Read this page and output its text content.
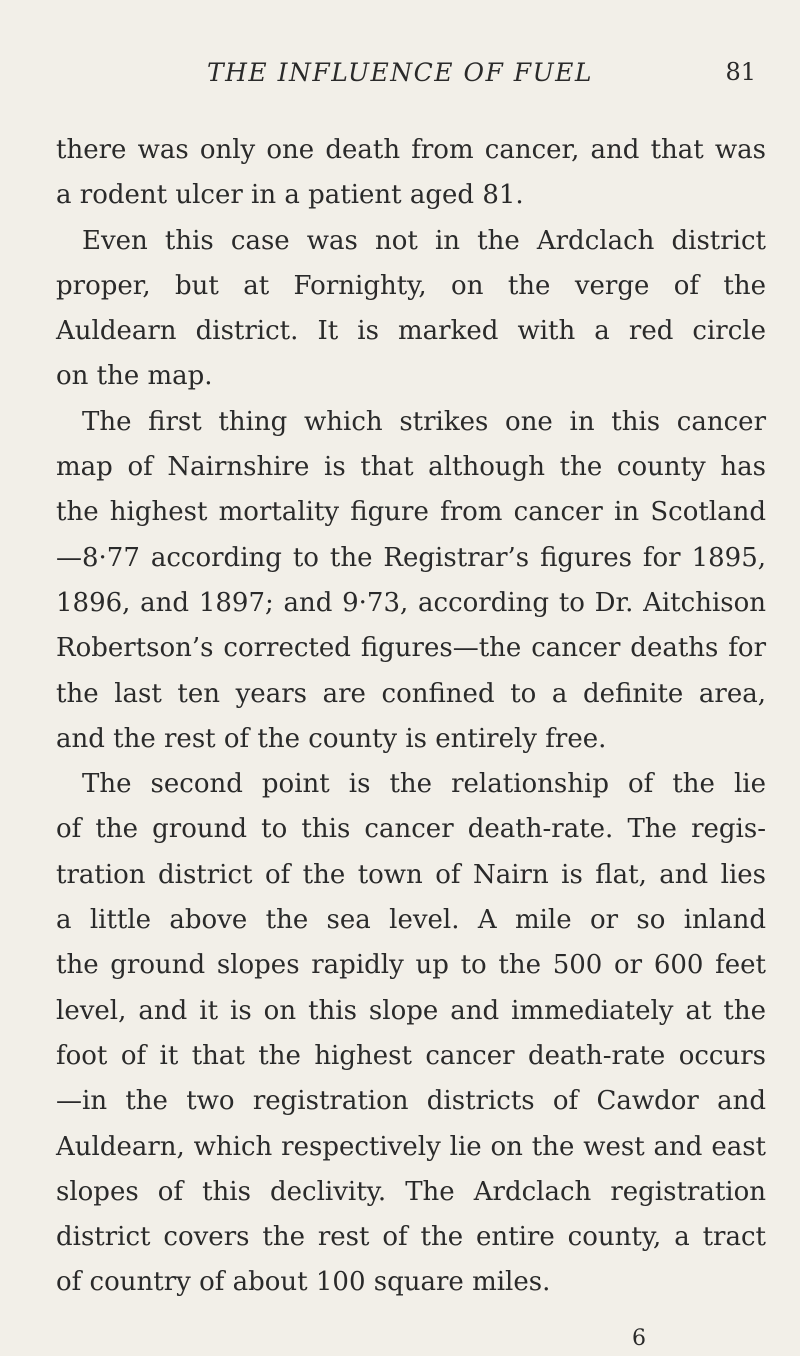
THE INFLUENCE OF FUEL	81
there was only one death from cancer, and that was
a rodent ulcer in a patient aged 81.
Even this case was not in the Ardclach district
proper, but at Fornighty, on the verge of the
Auldearn district. It is marked with a red circle
on the map.
The first thing which strikes one in this cancer
map of Nairnshire is that although the county has
the highest mortality figure from cancer in Scotland
—8·77 according to the Registrar’s figures for 1895,
1896, and 1897; and 9·73, according to Dr. Aitchison
Robertson’s corrected figures—the cancer deaths for
the last ten years are confined to a definite area,
and the rest of the county is entirely free.
The second point is the relationship of the lie
of the ground to this cancer death-rate. The regis-
tration district of the town of Nairn is flat, and lies
a little above the sea level. A mile or so inland
the ground slopes rapidly up to the 500 or 600 feet
level, and it is on this slope and immediately at the
foot of it that the highest cancer death-rate occurs
—in the two registration districts of Cawdor and
Auldearn, which respectively lie on the west and east
slopes of this declivity. The Ardclach registration
district covers the rest of the entire county, a tract
of country of about 100 square miles.
6
